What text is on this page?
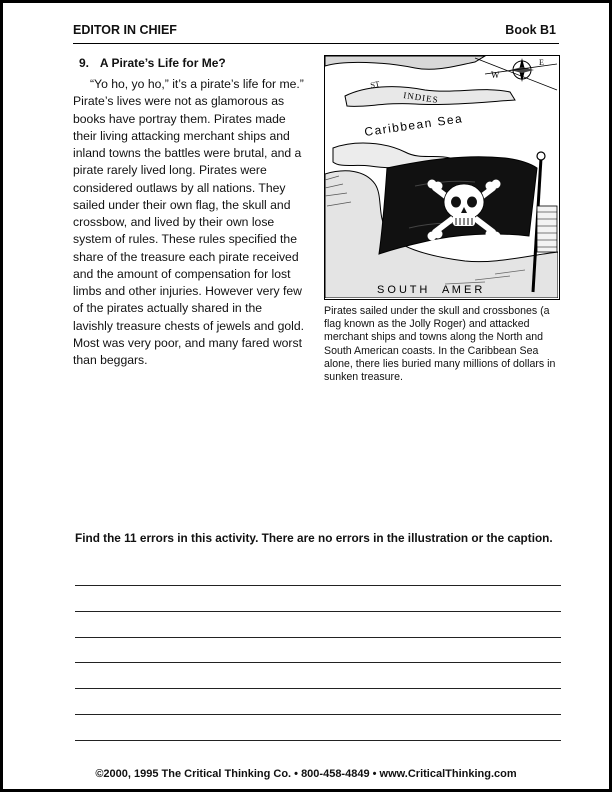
EDITOR IN CHIEF	Book B1
9. A Pirate’s Life for Me?

“Yo ho, yo ho,” it’s a pirate’s life for me.” Pirate’s lives were not as glamorous as books have portray them. Pirates made their living attacking merchant ships and inland towns the battles were brutal, and a pirate rarely lived long. Pirates were considered outlaws by all nations. They sailed under their own flag, the skull and crossbow, and lived by their own lose system of rules. These rules specified the share of the treasure each pirate received and the amount of compensation for lost limbs and other injuries. However very few of the pirates actually shared in the lavishly treasure chests of jewels and gold. Most was very poor, and many fared worst than beggars.

W
E
ST
INDIES
Caribbean Sea
S O U T H     A M E R

Pirates sailed under the skull and crossbones (a flag known as the Jolly Roger) and attacked merchant ships and towns along the North and South American coasts. In the Caribbean Sea alone, there lies buried many millions of dollars in sunken treasure.

Find the 11 errors in this activity. There are no errors in the illustration or the caption.
©2000, 1995 The Critical Thinking Co. • 800-458-4849 • www.CriticalThinking.com
